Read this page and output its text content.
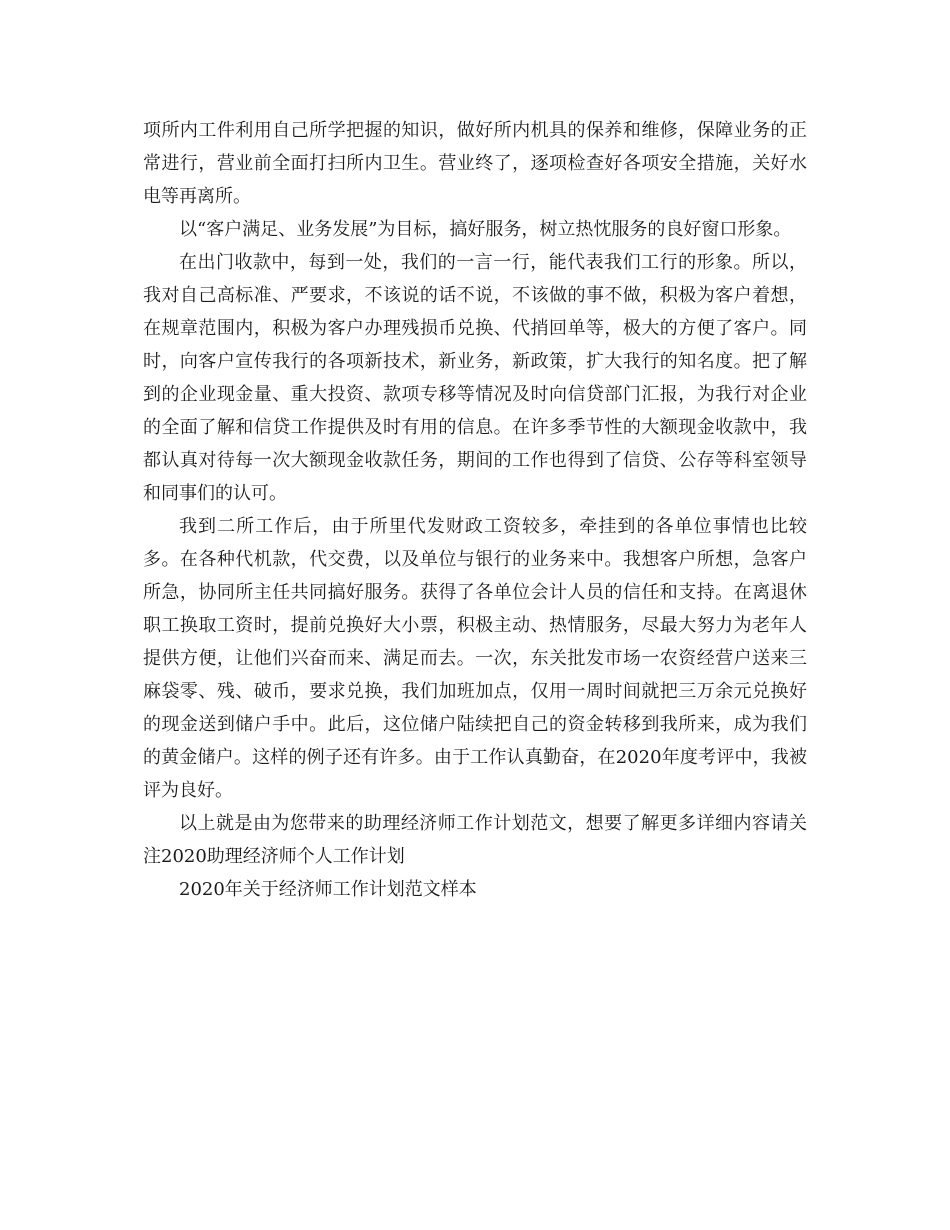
项所内工件利用自己所学把握的知识，做好所内机具的保养和维修，保障业务的正常进行，营业前全面打扫所内卫生。营业终了，逐项检查好各项安全措施，关好水电等再离所。

以“客户满足、业务发展”为目标，搞好服务，树立热忱服务的良好窗口形象。

在出门收款中，每到一处，我们的一言一行，能代表我们工行的形象。所以，我对自己高标准、严要求，不该说的话不说，不该做的事不做，积极为客户着想，在规章范围内，积极为客户办理残损币兑换、代捎回单等，极大的方便了客户。同时，向客户宣传我行的各项新技术，新业务，新政策，扩大我行的知名度。把了解到的企业现金量、重大投资、款项专移等情况及时向信贷部门汇报，为我行对企业的全面了解和信贷工作提供及时有用的信息。在许多季节性的大额现金收款中，我都认真对待每一次大额现金收款任务，期间的工作也得到了信贷、公存等科室领导和同事们的认可。

我到二所工作后，由于所里代发财政工资较多，牵挂到的各单位事情也比较多。在各种代机款，代交费，以及单位与银行的业务来中。我想客户所想，急客户所急，协同所主任共同搞好服务。获得了各单位会计人员的信任和支持。在离退休职工换取工资时，提前兑换好大小票，积极主动、热情服务，尽最大努力为老年人提供方便，让他们兴奋而来、满足而去。一次，东关批发市场一农资经营户送来三麻袋零、残、破币，要求兑换，我们加班加点，仅用一周时间就把三万余元兑换好的现金送到储户手中。此后，这位储户陆续把自己的资金转移到我所来，成为我们的黄金储户。这样的例子还有许多。由于工作认真勤奋，在2020年度考评中，我被评为良好。

以上就是由为您带来的助理经济师工作计划范文，想要了解更多详细内容请关注2020助理经济师个人工作计划

2020年关于经济师工作计划范文样本
